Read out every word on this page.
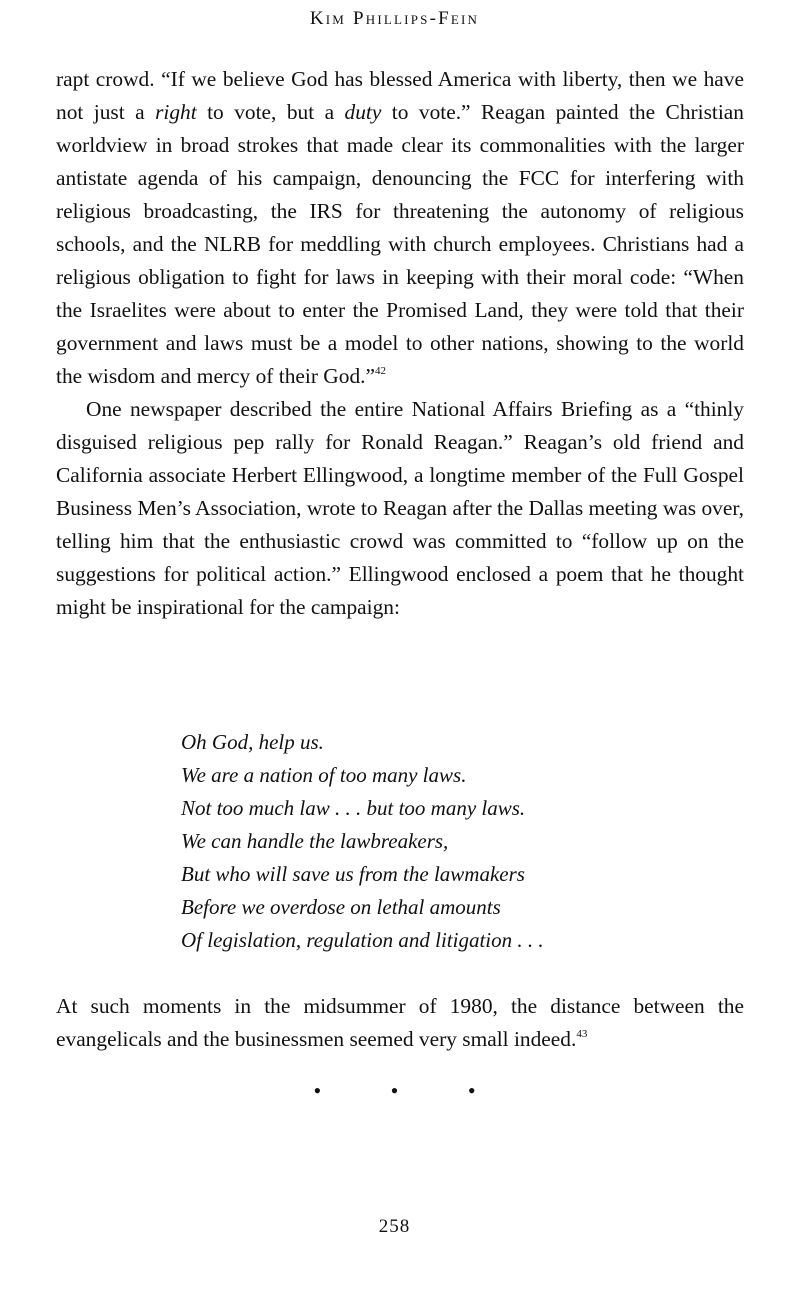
Kim Phillips-Fein

rapt crowd. “If we believe God has blessed America with liberty, then we have not just a right to vote, but a duty to vote.” Reagan painted the Christian worldview in broad strokes that made clear its commonalities with the larger antistate agenda of his campaign, denouncing the FCC for interfering with religious broadcasting, the IRS for threatening the autonomy of religious schools, and the NLRB for meddling with church employees. Christians had a religious obligation to fight for laws in keeping with their moral code: “When the Israelites were about to enter the Promised Land, they were told that their government and laws must be a model to other nations, showing to the world the wisdom and mercy of their God.”$^{42}$

One newspaper described the entire National Affairs Briefing as a “thinly disguised religious pep rally for Ronald Reagan.” Reagan’s old friend and California associate Herbert Ellingwood, a longtime member of the Full Gospel Business Men’s Association, wrote to Reagan after the Dallas meeting was over, telling him that the enthusiastic crowd was committed to “follow up on the suggestions for political action.” Ellingwood enclosed a poem that he thought might be inspirational for the campaign:

Oh God, help us.
We are a nation of too many laws.
Not too much law . . . but too many laws.
We can handle the lawbreakers,
But who will save us from the lawmakers
Before we overdose on lethal amounts
Of legislation, regulation and litigation . . .

At such moments in the midsummer of 1980, the distance between the evangelicals and the businessmen seemed very small indeed.$^{43}$

• • •
258
